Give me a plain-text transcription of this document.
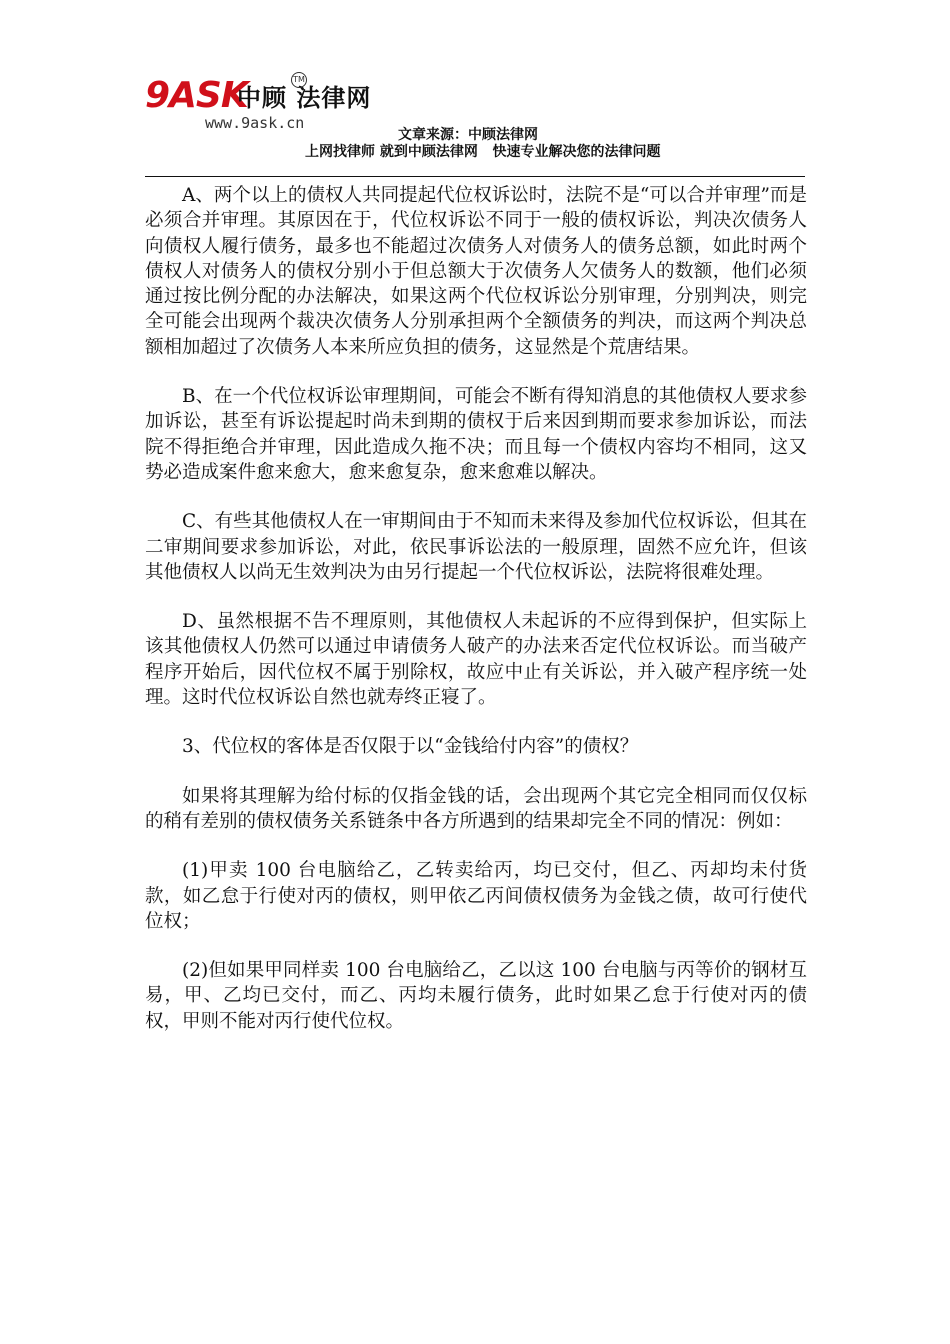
9ASK
中顾 法律网
TM
www.9ask.cn
文章来源：中顾法律网
上网找律师 就到中顾法律网   快速专业解决您的法律问题

A、两个以上的债权人共同提起代位权诉讼时，法院不是“可以合并审理”而是必须合并审理。其原因在于，代位权诉讼不同于一般的债权诉讼，判决次债务人向债权人履行债务，最多也不能超过次债务人对债务人的债务总额，如此时两个债权人对债务人的债权分别小于但总额大于次债务人欠债务人的数额，他们必须通过按比例分配的办法解决，如果这两个代位权诉讼分别审理，分别判决，则完全可能会出现两个裁决次债务人分别承担两个全额债务的判决，而这两个判决总额相加超过了次债务人本来所应负担的债务，这显然是个荒唐结果。

B、在一个代位权诉讼审理期间，可能会不断有得知消息的其他债权人要求参加诉讼，甚至有诉讼提起时尚未到期的债权于后来因到期而要求参加诉讼，而法院不得拒绝合并审理，因此造成久拖不决；而且每一个债权内容均不相同，这又势必造成案件愈来愈大，愈来愈复杂，愈来愈难以解决。

C、有些其他债权人在一审期间由于不知而未来得及参加代位权诉讼，但其在二审期间要求参加诉讼，对此，依民事诉讼法的一般原理，固然不应允许，但该其他债权人以尚无生效判决为由另行提起一个代位权诉讼，法院将很难处理。

D、虽然根据不告不理原则，其他债权人未起诉的不应得到保护，但实际上该其他债权人仍然可以通过申请债务人破产的办法来否定代位权诉讼。而当破产程序开始后，因代位权不属于别除权，故应中止有关诉讼，并入破产程序统一处理。这时代位权诉讼自然也就寿终正寝了。

3、代位权的客体是否仅限于以“金钱给付内容”的债权？

如果将其理解为给付标的仅指金钱的话，会出现两个其它完全相同而仅仅标的稍有差别的债权债务关系链条中各方所遇到的结果却完全不同的情况：例如：

(1)甲卖 100 台电脑给乙，乙转卖给丙，均已交付，但乙、丙却均未付货款，如乙怠于行使对丙的债权，则甲依乙丙间债权债务为金钱之债，故可行使代位权；

(2)但如果甲同样卖 100 台电脑给乙，乙以这 100 台电脑与丙等价的钢材互易，甲、乙均已交付，而乙、丙均未履行债务，此时如果乙怠于行使对丙的债权，甲则不能对丙行使代位权。
